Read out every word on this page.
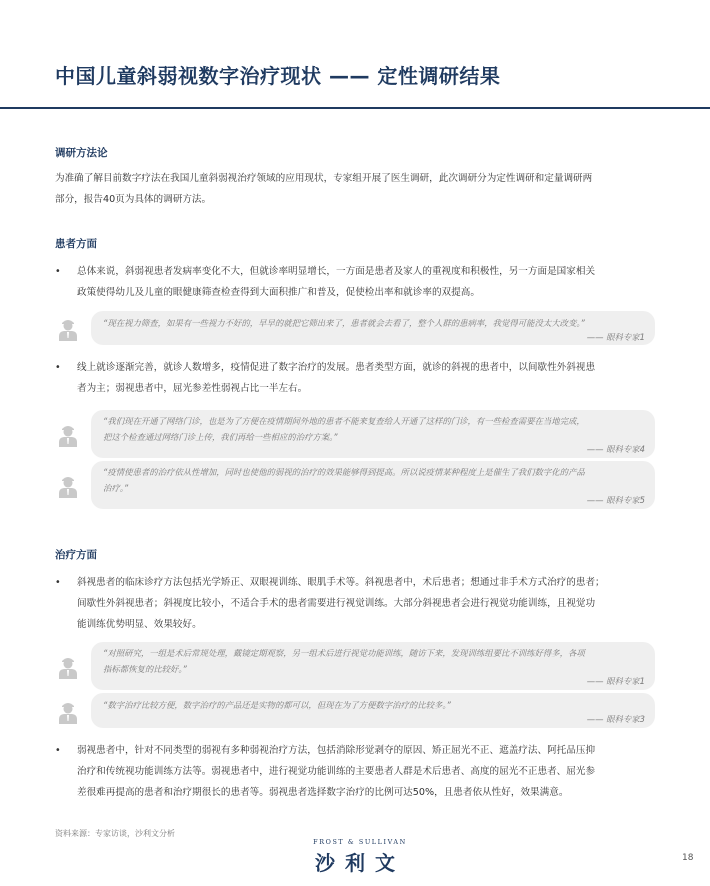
中国儿童斜弱视数字治疗现状 —— 定性调研结果
调研方法论
为准确了解目前数字疗法在我国儿童斜弱视治疗领域的应用现状，专家组开展了医生调研，此次调研分为定性调研和定量调研两
部分，报告40页为具体的调研方法。
患者方面
•	总体来说，斜弱视患者发病率变化不大，但就诊率明显增长，一方面是患者及家人的重视度和积极性，另一方面是国家相关
政策使得幼儿及儿童的眼健康筛查检查得到大面积推广和普及，促使检出率和就诊率的双提高。
“现在视力筛查，如果有一些视力不好的，早早的就把它筛出来了，患者就会去看了，整个人群的患病率，我觉得可能没太大改变。”
—— 眼科专家1
•	线上就诊逐渐完善，就诊人数增多，疫情促进了数字治疗的发展。患者类型方面，就诊的斜视的患者中，以间歇性外斜视患
者为主；弱视患者中，屈光参差性弱视占比一半左右。
“我们现在开通了网络门诊，也是为了方便在疫情期间外地的患者不能来复查给人开通了这样的门诊，有一些检查需要在当地完成，
把这个检查通过网络门诊上传，我们再给一些相应的治疗方案。”
—— 眼科专家4
“疫情使患者的治疗依从性增加，同时也使他的弱视的治疗的效果能够得到提高。所以说疫情某种程度上是催生了我们数字化的产品
治疗。”
—— 眼科专家5
治疗方面
•	斜视患者的临床诊疗方法包括光学矫正、双眼视训练、眼肌手术等。斜视患者中，术后患者；想通过非手术方式治疗的患者；
间歇性外斜视患者；斜视度比较小，不适合手术的患者需要进行视觉训练。大部分斜视患者会进行视觉功能训练，且视觉功
能训练优势明显、效果较好。
“对照研究，一组是术后常规处理，戴镜定期观察，另一组术后进行视觉功能训练，随访下来，发现训练组要比不训练好得多，各项
指标都恢复的比较好。”
—— 眼科专家1
“数字治疗比较方便，数字治疗的产品还是实物的都可以，但现在为了方便数字治疗的比较多。”
—— 眼科专家3
•	弱视患者中，针对不同类型的弱视有多种弱视治疗方法，包括消除形觉剥夺的原因、矫正屈光不正、遮盖疗法、阿托品压抑
治疗和传统视功能训练方法等。弱视患者中，进行视觉功能训练的主要患者人群是术后患者、高度的屈光不正患者、屈光参
差很难再提高的患者和治疗期很长的患者等。弱视患者选择数字治疗的比例可达50%，且患者依从性好，效果满意。
资料来源：专家访谈，沙利文分析
FROST & SULLIVAN
沙利文	18
